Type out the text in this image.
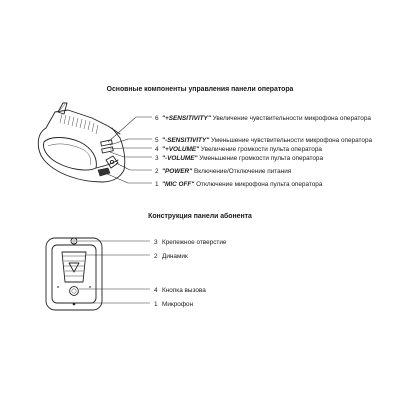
Основные компоненты управления панели оператора
6 "+SENSITIVITY" Увеличение чувствительности микрофона оператора
5 "-SENSITIVITY" Уменьшение чувствительности микрофона оператора
4 "+VOLUME" Увеличение громкости пульта оператора
3 "-VOLUME" Уменьшение громкости пульта оператора
2 "POWER" Включение/Отключение питания
1 "MIC OFF" Отключение микрофона пульта оператора
Конструкция панели абонента
3 Крепежное отверстие
2 Динамик
4 Кнопка вызова
1 Микрофон
